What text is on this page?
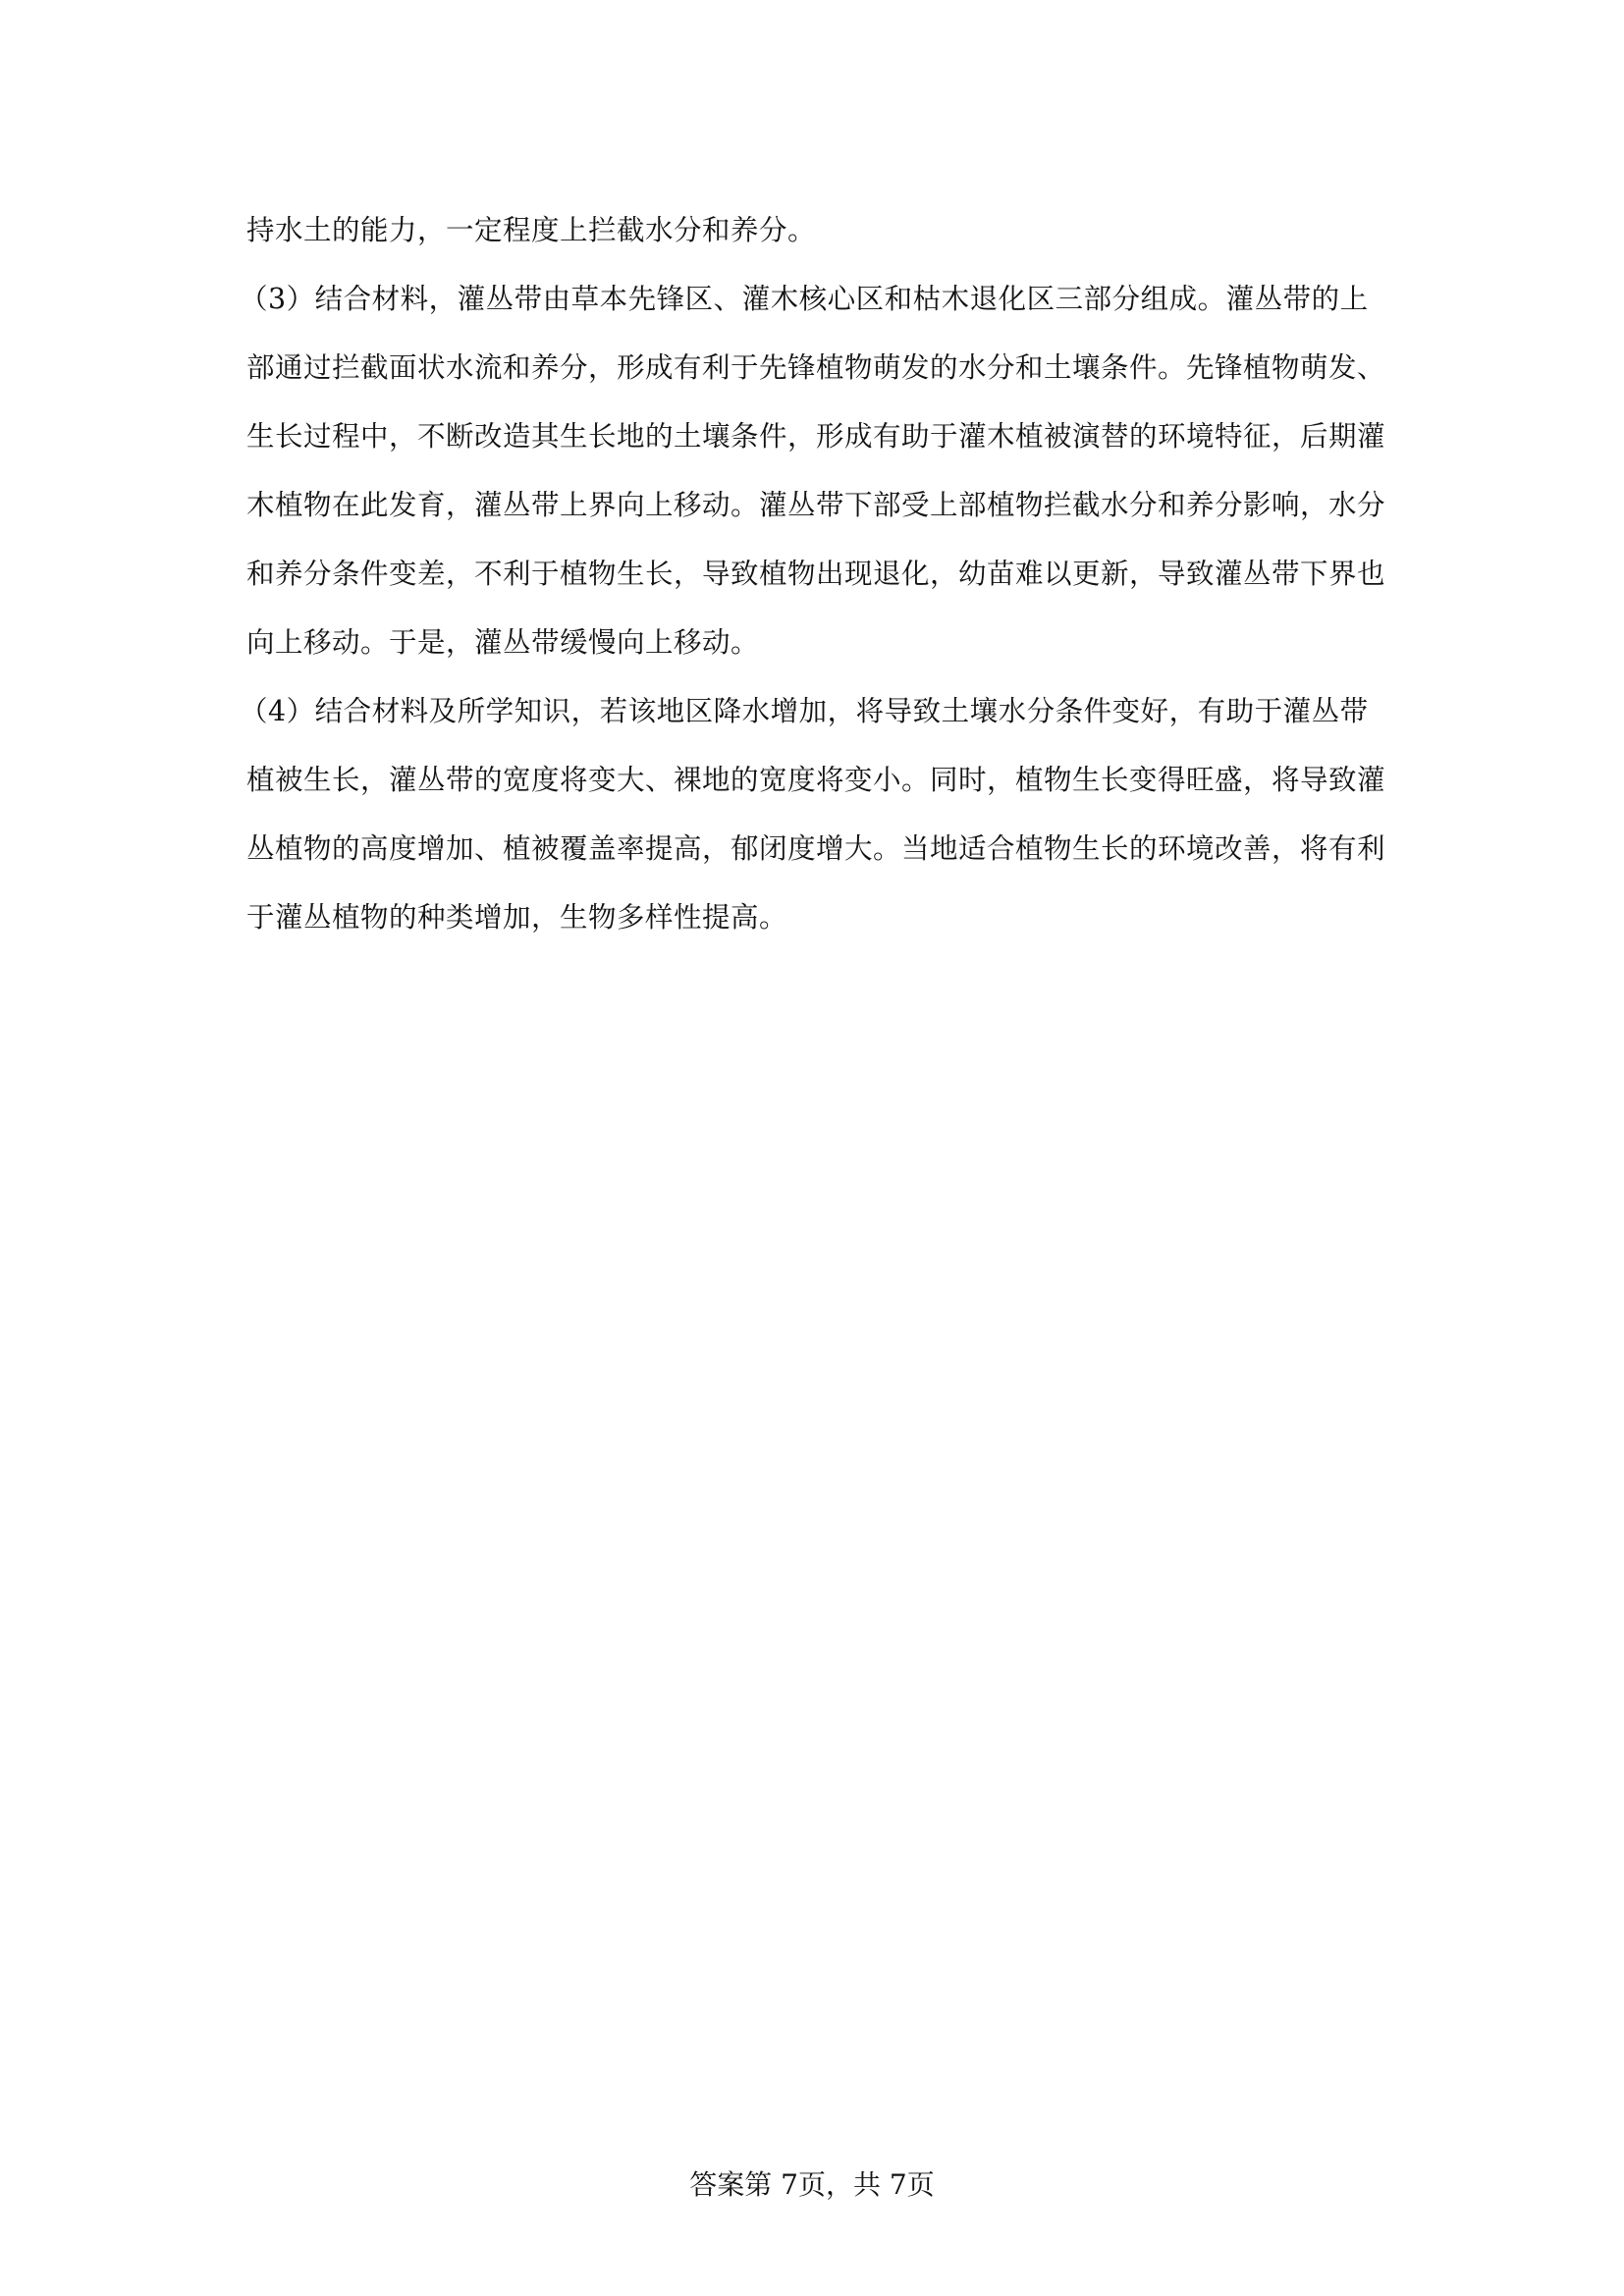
持水土的能力，一定程度上拦截水分和养分。
（3）结合材料，灌丛带由草本先锋区、灌木核心区和枯木退化区三部分组成。灌丛带的上
部通过拦截面状水流和养分，形成有利于先锋植物萌发的水分和土壤条件。先锋植物萌发、
生长过程中，不断改造其生长地的土壤条件，形成有助于灌木植被演替的环境特征，后期灌
木植物在此发育，灌丛带上界向上移动。灌丛带下部受上部植物拦截水分和养分影响，水分
和养分条件变差，不利于植物生长，导致植物出现退化，幼苗难以更新，导致灌丛带下界也
向上移动。于是，灌丛带缓慢向上移动。
（4）结合材料及所学知识，若该地区降水增加，将导致土壤水分条件变好，有助于灌丛带
植被生长，灌丛带的宽度将变大、裸地的宽度将变小。同时，植物生长变得旺盛，将导致灌
丛植物的高度增加、植被覆盖率提高，郁闭度增大。当地适合植物生长的环境改善，将有利
于灌丛植物的种类增加，生物多样性提高。
答案第 7页，共 7页
